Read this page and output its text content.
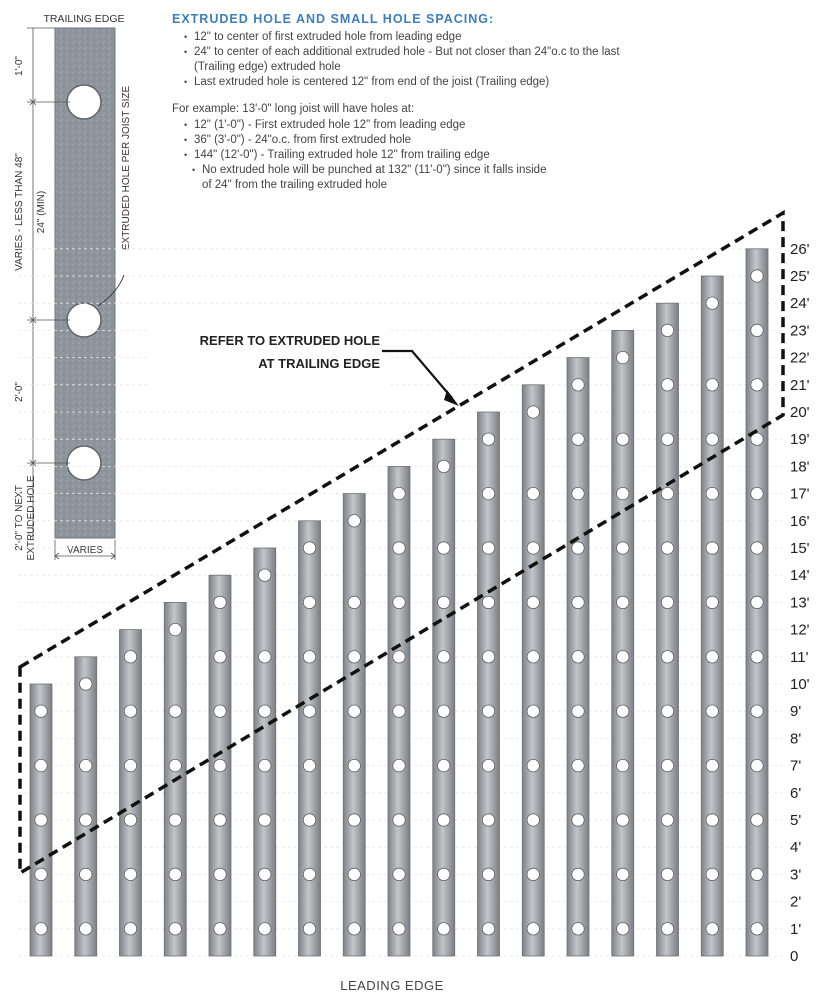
TRAILING EDGE
1'-0"
VARIES - LESS THAN 48" 24" (MIN)
2'-0"
2'-0" TO NEXT EXTRUDED HOLE
EXTRUDED HOLE PER JOIST SIZE
VARIES
0
1'
2'
3'
4'
5'
6'
7'
8'
9'
10'
11'
12'
13'
14'
15'
16'
17'
18'
19'
20'
21'
22'
23'
24'
25'
26'
REFER TO EXTRUDED HOLE
AT TRAILING EDGE
LEADING EDGE
EXTRUDED HOLE AND SMALL HOLE SPACING:
• 12" to center of first extruded hole from leading edge
• 24" to center of each additional extruded hole - But not closer than 24"o.c to the last
(Trailing edge) extruded hole
• Last extruded hole is centered 12" from end of the joist (Trailing edge)

For example: 13'-0" long joist will have holes at:

• 12" (1'-0") - First extruded hole 12" from leading edge
• 36" (3'-0") - 24"o.c. from first extruded hole
• 144" (12'-0") - Trailing extruded hole 12" from trailing edge
• No extruded hole will be punched at 132" (11'-0") since it falls inside
of 24" from the trailing extruded hole
